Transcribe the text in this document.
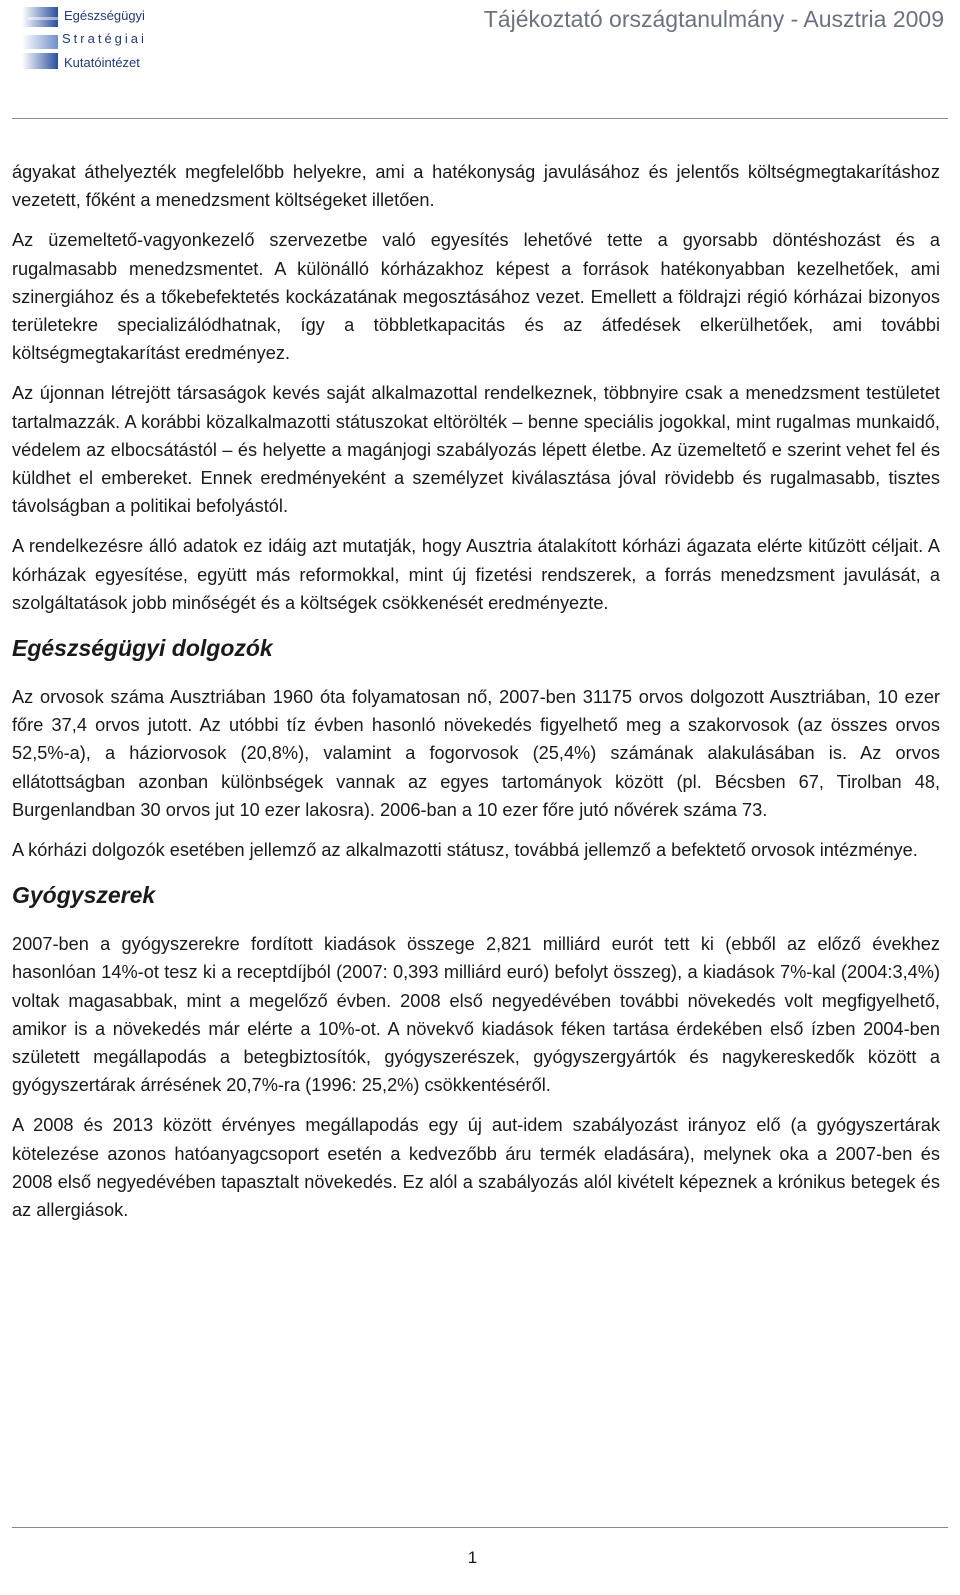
Egészségügyi
Stratégiai
Kutatóintézet
Tájékoztató országtanulmány - Ausztria 2009

ágyakat áthelyezték megfelelőbb helyekre, ami a hatékonyság javulásához és jelentős költségmegtakarításhoz vezetett, főként a menedzsment költségeket illetően.

Az üzemeltető-vagyonkezelő szervezetbe való egyesítés lehetővé tette a gyorsabb döntéshozást és a rugalmasabb menedzsmentet. A különálló kórházakhoz képest a források hatékonyabban kezelhetőek, ami szinergiához és a tőkebefektetés kockázatának megosztásához vezet. Emellett a földrajzi régió kórházai bizonyos területekre specializálódhatnak, így a többletkapacitás és az átfedések elkerülhetőek, ami további költségmegtakarítást eredményez.

Az újonnan létrejött társaságok kevés saját alkalmazottal rendelkeznek, többnyire csak a menedzsment testületet tartalmazzák. A korábbi közalkalmazotti státuszokat eltörölték – benne speciális jogokkal, mint rugalmas munkaidő, védelem az elbocsátástól – és helyette a magánjogi szabályozás lépett életbe. Az üzemeltető e szerint vehet fel és küldhet el embereket. Ennek eredményeként a személyzet kiválasztása jóval rövidebb és rugalmasabb, tisztes távolságban a politikai befolyástól.

A rendelkezésre álló adatok ez idáig azt mutatják, hogy Ausztria átalakított kórházi ágazata elérte kitűzött céljait. A kórházak egyesítése, együtt más reformokkal, mint új fizetési rendszerek, a forrás menedzsment javulását, a szolgáltatások jobb minőségét és a költségek csökkenését eredményezte.

Egészségügyi dolgozók

Az orvosok száma Ausztriában 1960 óta folyamatosan nő, 2007-ben 31175 orvos dolgozott Ausztriában, 10 ezer főre 37,4 orvos jutott. Az utóbbi tíz évben hasonló növekedés figyelhető meg a szakorvosok (az összes orvos 52,5%-a), a háziorvosok (20,8%), valamint a fogorvosok (25,4%) számának alakulásában is. Az orvos ellátottságban azonban különbségek vannak az egyes tartományok között (pl. Bécsben 67, Tirolban 48, Burgenlandban 30 orvos jut 10 ezer lakosra). 2006-ban a 10 ezer főre jutó nővérek száma 73.

A kórházi dolgozók esetében jellemző az alkalmazotti státusz, továbbá jellemző a befektető orvosok intézménye.

Gyógyszerek

2007-ben a gyógyszerekre fordított kiadások összege 2,821 milliárd eurót tett ki (ebből az előző évekhez hasonlóan 14%-ot tesz ki a receptdíjból (2007: 0,393 milliárd euró) befolyt összeg), a kiadások 7%-kal (2004:3,4%) voltak magasabbak, mint a megelőző évben. 2008 első negyedévében további növekedés volt megfigyelhető, amikor is a növekedés már elérte a 10%-ot. A növekvő kiadások féken tartása érdekében első ízben 2004-ben született megállapodás a betegbiztosítók, gyógyszerészek, gyógyszergyártók és nagykereskedők között a gyógyszertárak árrésének 20,7%-ra (1996: 25,2%) csökkentéséről.

A 2008 és 2013 között érvényes megállapodás egy új aut-idem szabályozást irányoz elő (a gyógyszertárak kötelezése azonos hatóanyagcsoport esetén a kedvezőbb áru termék eladására), melynek oka a 2007-ben és 2008 első negyedévében tapasztalt növekedés. Ez alól a szabályozás alól kivételt képeznek a krónikus betegek és az allergiások.

1
